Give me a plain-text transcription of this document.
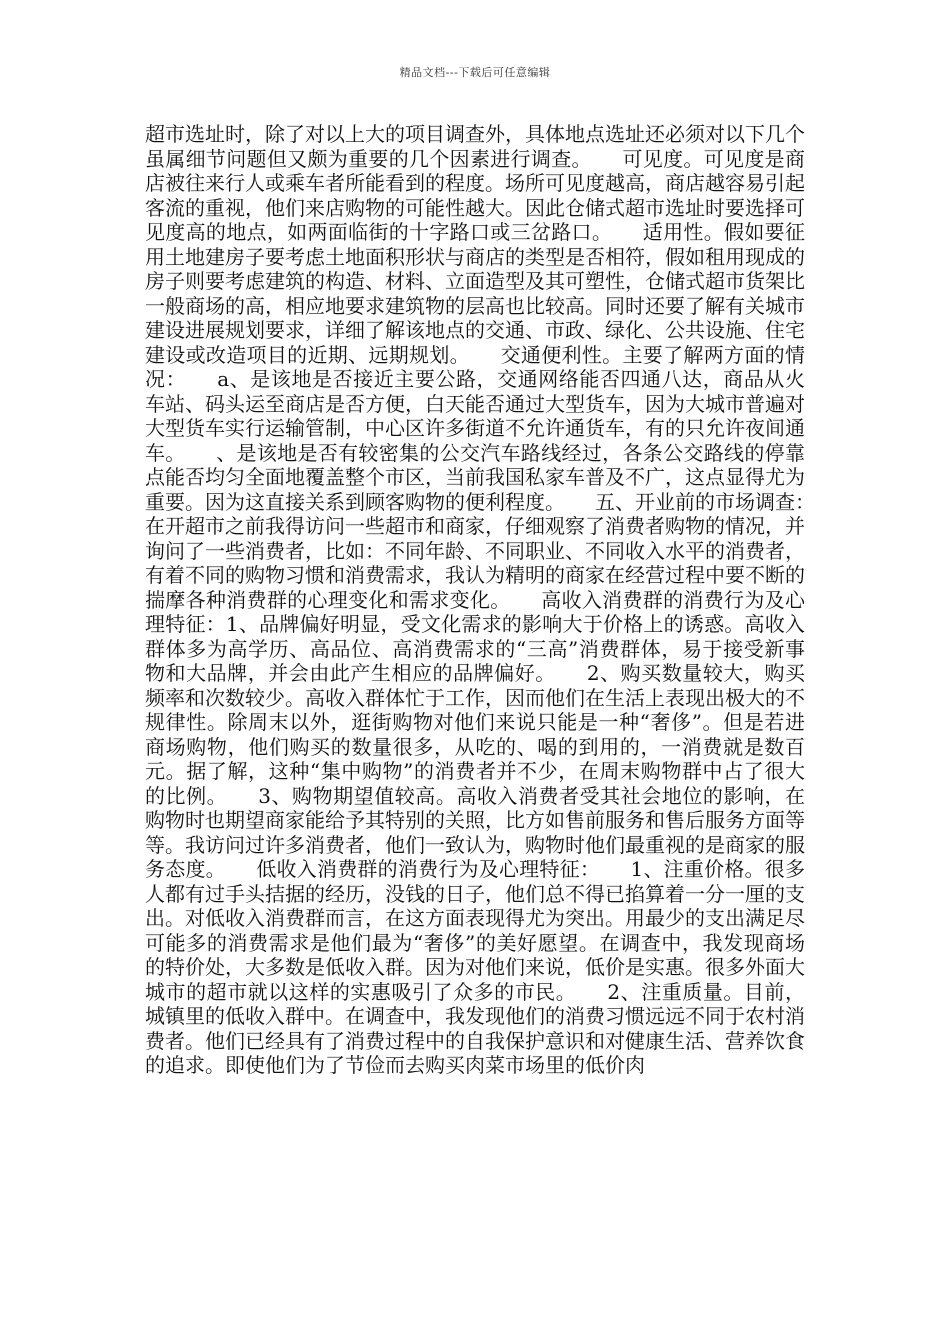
精品文档---下载后可任意编辑

超市选址时，除了对以上大的项目调查外，具体地点选址还必须对以下几个虽属细节问题但又颇为重要的几个因素进行调查。　　可见度。可见度是商店被往来行人或乘车者所能看到的程度。场所可见度越高，商店越容易引起客流的重视，他们来店购物的可能性越大。因此仓储式超市选址时要选择可见度高的地点，如两面临街的十字路口或三岔路口。　　适用性。假如要征用土地建房子要考虑土地面积形状与商店的类型是否相符，假如租用现成的房子则要考虑建筑的构造、材料、立面造型及其可塑性，仓储式超市货架比一般商场的高，相应地要求建筑物的层高也比较高。同时还要了解有关城市建设进展规划要求，详细了解该地点的交通、市政、绿化、公共设施、住宅建设或改造项目的近期、远期规划。　　交通便利性。主要了解两方面的情况：　　a、是该地是否接近主要公路，交通网络能否四通八达，商品从火车站、码头运至商店是否方便，白天能否通过大型货车，因为大城市普遍对大型货车实行运输管制，中心区许多街道不允许通货车，有的只允许夜间通车。　　、是该地是否有较密集的公交汽车路线经过，各条公交路线的停靠点能否均匀全面地覆盖整个市区，当前我国私家车普及不广，这点显得尤为重要。因为这直接关系到顾客购物的便利程度。　　五、开业前的市场调查：　　在开超市之前我得访问一些超市和商家，仔细观察了消费者购物的情况，并询问了一些消费者，比如：不同年龄、不同职业、不同收入水平的消费者，有着不同的购物习惯和消费需求，我认为精明的商家在经营过程中要不断的揣摩各种消费群的心理变化和需求变化。　　高收入消费群的消费行为及心理特征：1、品牌偏好明显，受文化需求的影响大于价格上的诱惑。高收入群体多为高学历、高品位、高消费需求的“三高”消费群体，易于接受新事物和大品牌，并会由此产生相应的品牌偏好。　　2、购买数量较大，购买频率和次数较少。高收入群体忙于工作，因而他们在生活上表现出极大的不规律性。除周末以外，逛街购物对他们来说只能是一种“奢侈”。但是若进商场购物，他们购买的数量很多，从吃的、喝的到用的，一消费就是数百元。据了解，这种“集中购物”的消费者并不少，在周末购物群中占了很大的比例。　　3、购物期望值较高。高收入消费者受其社会地位的影响，在购物时也期望商家能给予其特别的关照，比方如售前服务和售后服务方面等等。我访问过许多消费者，他们一致认为，购物时他们最重视的是商家的服务态度。　　低收入消费群的消费行为及心理特征：　　1、注重价格。很多人都有过手头拮据的经历，没钱的日子，他们总不得已掐算着一分一厘的支出。对低收入消费群而言，在这方面表现得尤为突出。用最少的支出满足尽可能多的消费需求是他们最为“奢侈”的美好愿望。在调查中，我发现商场的特价处，大多数是低收入群。因为对他们来说，低价是实惠。很多外面大城市的超市就以这样的实惠吸引了众多的市民。　　2、注重质量。目前，城镇里的低收入群中。在调查中，我发现他们的消费习惯远远不同于农村消费者。他们已经具有了消费过程中的自我保护意识和对健康生活、营养饮食的追求。即使他们为了节俭而去购买肉菜市场里的低价肉
